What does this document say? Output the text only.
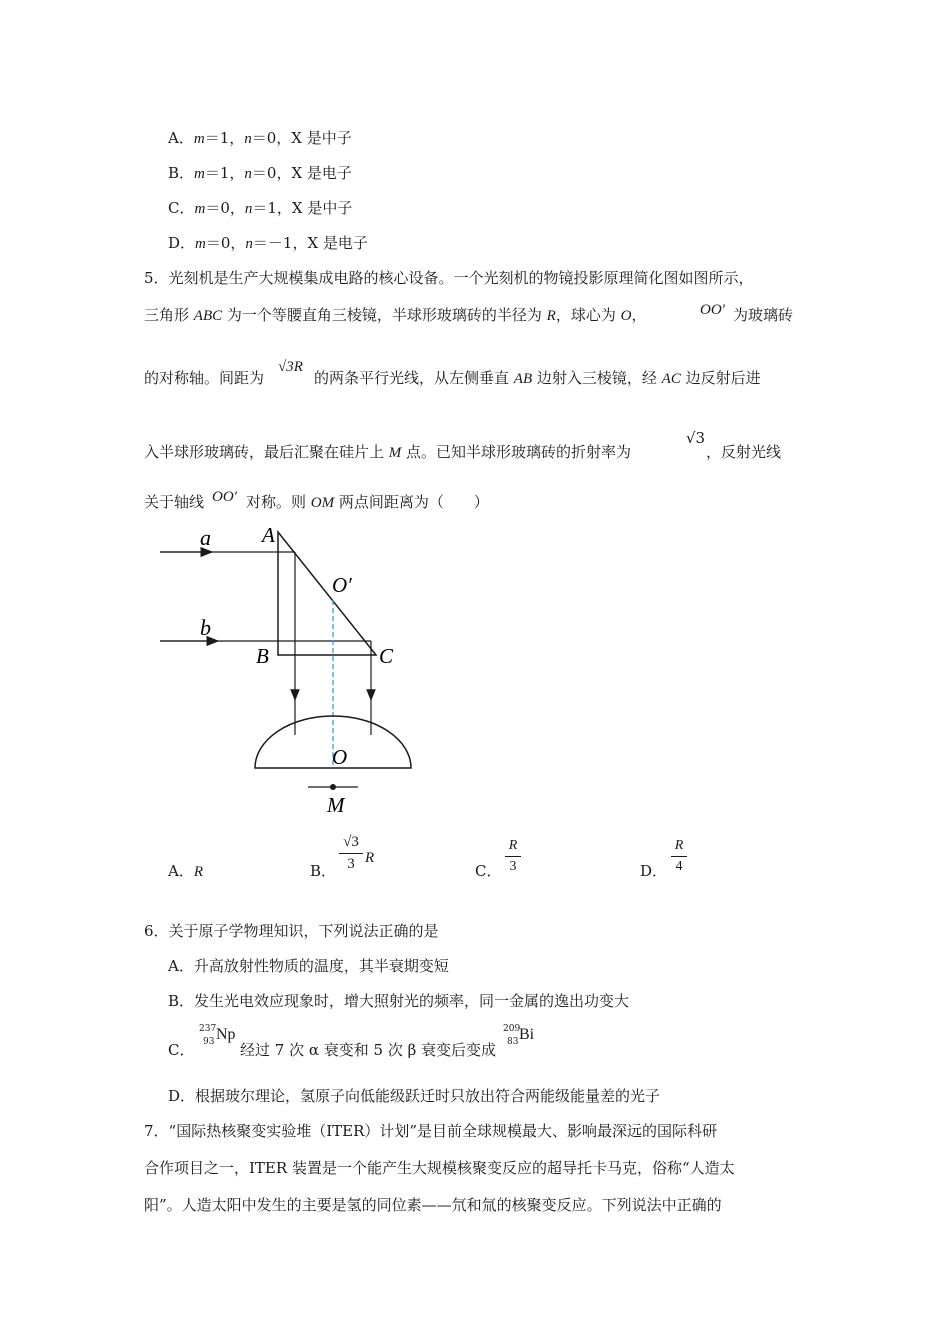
A．m＝1，n＝0，X 是中子
B．m＝1，n＝0，X 是电子
C．m＝0，n＝1，X 是中子
D．m＝0，n＝－1，X 是电子
5．光刻机是生产大规模集成电路的核心设备。一个光刻机的物镜投影原理简化图如图所示，
三角形 ABC 为一个等腰直角三棱镜，半球形玻璃砖的半径为 R，球心为 O，	OO′ 为玻璃砖
的对称轴。间距为
√3R
的两条平行光线，从左侧垂直 AB 边射入三棱镜，经 AC 边反射后进
入半球形玻璃砖，最后汇聚在硅片上 M 点。已知半球形玻璃砖的折射率为
√3
，反射光线
关于轴线 OO′ 对称。则 OM 两点间距离为（　　）
a
b
A
B	C
O′
O
M
A．R	B．
√3
3 R
C．
R
3	D．
R
4
6．关于原子学物理知识，下列说法正确的是
A．升高放射性物质的温度，其半衰期变短
B．发生光电效应现象时，增大照射光的频率，同一金属的逸出功变大
C．
237
93 Np
经过 7 次 α 衰变和 5 次 β 衰变后变成
209
83 Bi
D．根据玻尔理论，氢原子向低能级跃迁时只放出符合两能级能量差的光子
7．“国际热核聚变实验堆（ITER）计划”是目前全球规模最大、影响最深远的国际科研
合作项目之一，ITER 装置是一个能产生大规模核聚变反应的超导托卡马克，俗称“人造太
阳”。人造太阳中发生的主要是氢的同位素——氘和氚的核聚变反应。下列说法中正确的
